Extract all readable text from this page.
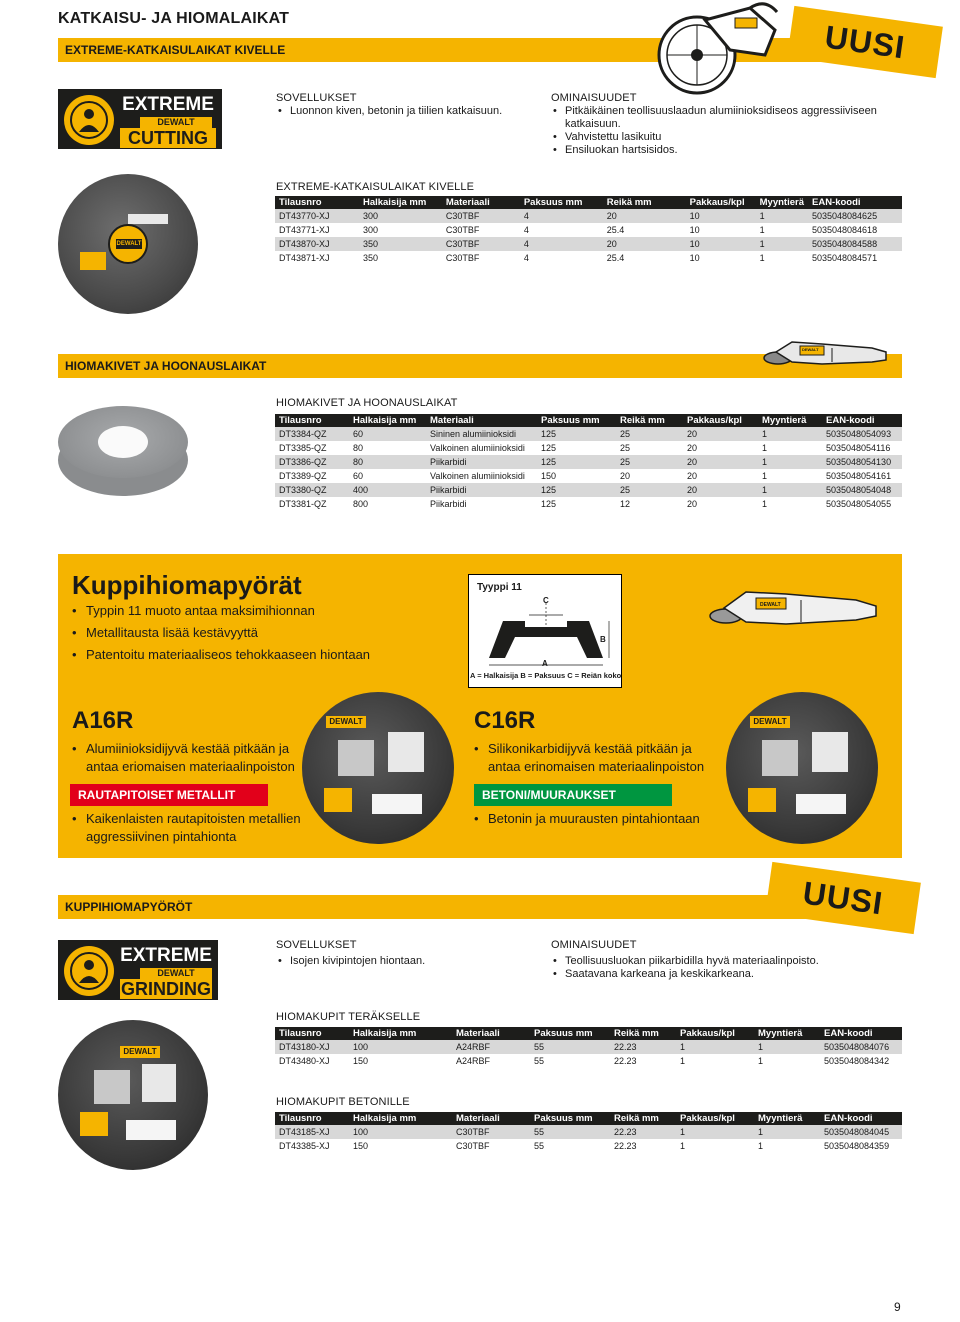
KATKAISU- JA HIOMALAIKAT
EXTREME-KATKAISULAIKAT KIVELLE	UUSI
EXTREME
DEWALT
CUTTING
SOVELLUKSET
• Luonnon kiven, betonin ja tiilien katkaisuun.
OMINAISUUDET
• Pitkäikäinen teollisuuslaadun alumiinioksidiseos aggressiiviseen katkaisuun.
• Vahvistettu lasikuitu
• Ensiluokan hartsisidos.
DEWALT
EXTREME-KATKAISULAIKAT KIVELLE
Tilausnro	Halkaisija mm	Materiaali	Paksuus mm	Reikä mm	Pakkaus/kpl	Myyntierä	EAN-koodi
DT43770-XJ	300	C30TBF	4	20	10	1	5035048084625
DT43771-XJ	300	C30TBF	4	25.4	10	1	5035048084618
DT43870-XJ	350	C30TBF	4	20	10	1	5035048084588
DT43871-XJ	350	C30TBF	4	25.4	10	1	5035048084571
HIOMAKIVET JA HOONAUSLAIKAT
DEWALT
HIOMAKIVET JA HOONAUSLAIKAT
Tilausnro	Halkaisija mm	Materiaali	Paksuus mm	Reikä mm	Pakkaus/kpl	Myyntierä	EAN-koodi
DT3384-QZ	60	Sininen alumiinioksidi	125	25	20	1	5035048054093
DT3385-QZ	80	Valkoinen alumiinioksidi	125	25	20	1	5035048054116
DT3386-QZ	80	Piikarbidi	125	25	20	1	5035048054130
DT3389-QZ	60	Valkoinen alumiinioksidi	150	20	20	1	5035048054161
DT3380-QZ	400	Piikarbidi	125	25	20	1	5035048054048
DT3381-QZ	800	Piikarbidi	125	12	20	1	5035048054055
Kuppihiomapyörät
• Typpin 11 muoto antaa maksimihionnan
• Metallitausta lisää kestävyyttä
• Patentoitu materiaaliseos tehokkaaseen hiontaan
Tyyppi 11
C
B
A
A = Halkaisija B = Paksuus C = Reiän koko
DEWALT
A16R
• Alumiinioksidijyvä kestää pitkään ja antaa eriomaisen materiaalinpoiston
RAUTAPITOISET METALLIT
• Kaikenlaisten rautapitoisten metallien aggressiivinen pintahionta
DEWALT	C16R
• Silikonikarbidijyvä kestää pitkään ja antaa erinomaisen materiaalinpoiston
BETONI/MUURAUKSET
• Betonin ja muurausten pintahiontaan
DEWALT
KUPPIHIOMAPYÖRÖT	UUSI
EXTREME
DEWALT
GRINDING
SOVELLUKSET
• Isojen kivipintojen hiontaan.
OMINAISUUDET
• Teollisuusluokan piikarbidilla hyvä materiaalinpoisto.
• Saatavana karkeana ja keskikarkeana.
DEWALT
HIOMAKUPIT TERÄKSELLE
Tilausnro	Halkaisija mm	Materiaali	Paksuus mm	Reikä mm	Pakkaus/kpl	Myyntierä	EAN-koodi
DT43180-XJ	100	A24RBF	55	22.23	1	1	5035048084076
DT43480-XJ	150	A24RBF	55	22.23	1	1	5035048084342
HIOMAKUPIT BETONILLE
Tilausnro	Halkaisija mm	Materiaali	Paksuus mm	Reikä mm	Pakkaus/kpl	Myyntierä	EAN-koodi
DT43185-XJ	100	C30TBF	55	22.23	1	1	5035048084045
DT43385-XJ	150	C30TBF	55	22.23	1	1	5035048084359
9
